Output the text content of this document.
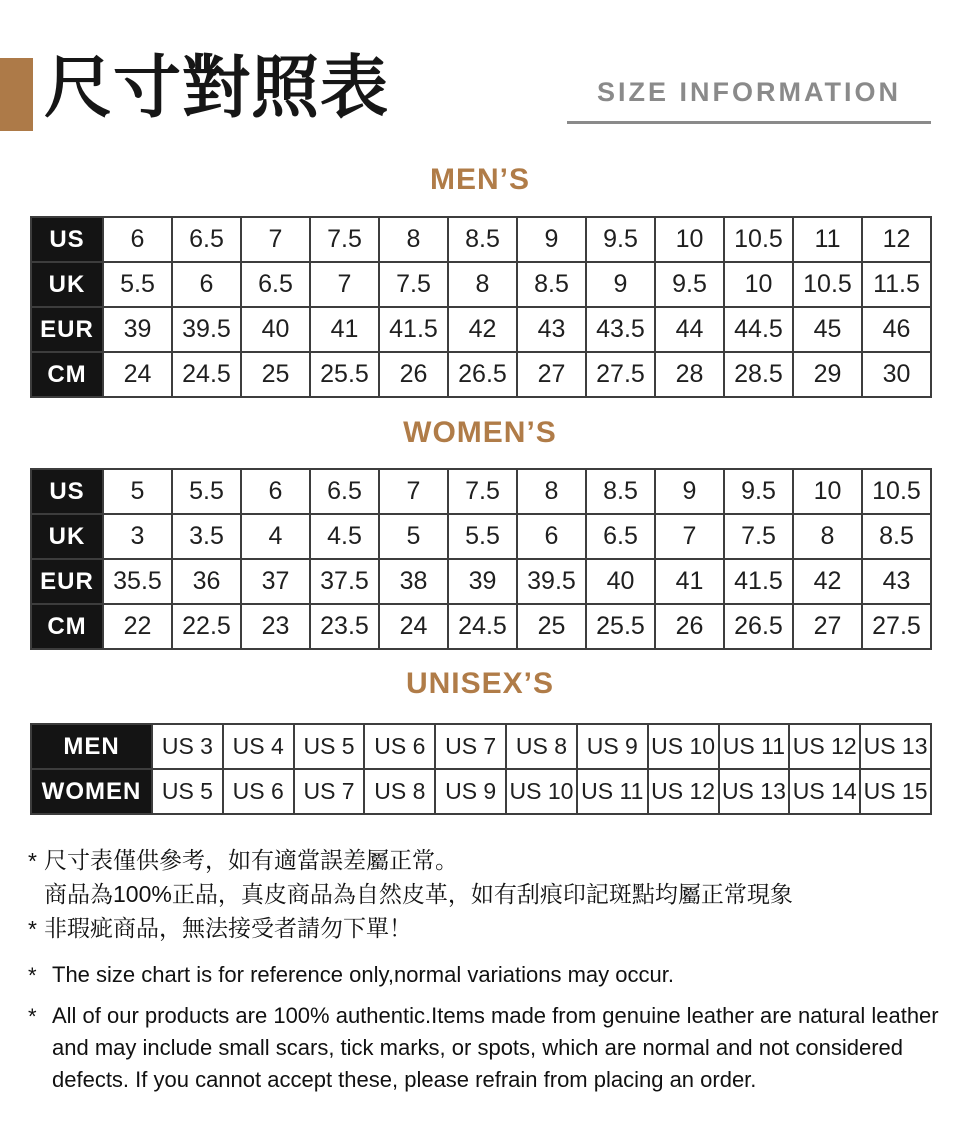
尺寸對照表	SIZE INFORMATION
MEN’S
US	6	6.5	7	7.5	8	8.5	9	9.5	10	10.5	11	12
UK	5.5	6	6.5	7	7.5	8	8.5	9	9.5	10	10.5	11.5
EUR	39	39.5	40	41	41.5	42	43	43.5	44	44.5	45	46
CM	24	24.5	25	25.5	26	26.5	27	27.5	28	28.5	29	30
WOMEN’S
US	5	5.5	6	6.5	7	7.5	8	8.5	9	9.5	10	10.5
UK	3	3.5	4	4.5	5	5.5	6	6.5	7	7.5	8	8.5
EUR	35.5	36	37	37.5	38	39	39.5	40	41	41.5	42	43
CM	22	22.5	23	23.5	24	24.5	25	25.5	26	26.5	27	27.5
UNISEX’S
MEN	US 3	US 4	US 5	US 6	US 7	US 8	US 9	US 10	US 11	US 12	US 13
WOMEN	US 5	US 6	US 7	US 8	US 9	US 10	US 11	US 12	US 13	US 14	US 15

* 尺寸表僅供參考，如有適當誤差屬正常。

商品為100%正品，真皮商品為自然皮革，如有刮痕印記斑點均屬正常現象

* 非瑕疵商品，無法接受者請勿下單！

* The size chart is for reference only,normal variations may occur.

* All of our products are 100% authentic.Items made from genuine leather are natural leather and may include small scars, tick marks, or spots, which are normal and not considered defects. If you cannot accept these, please refrain from placing an order.
